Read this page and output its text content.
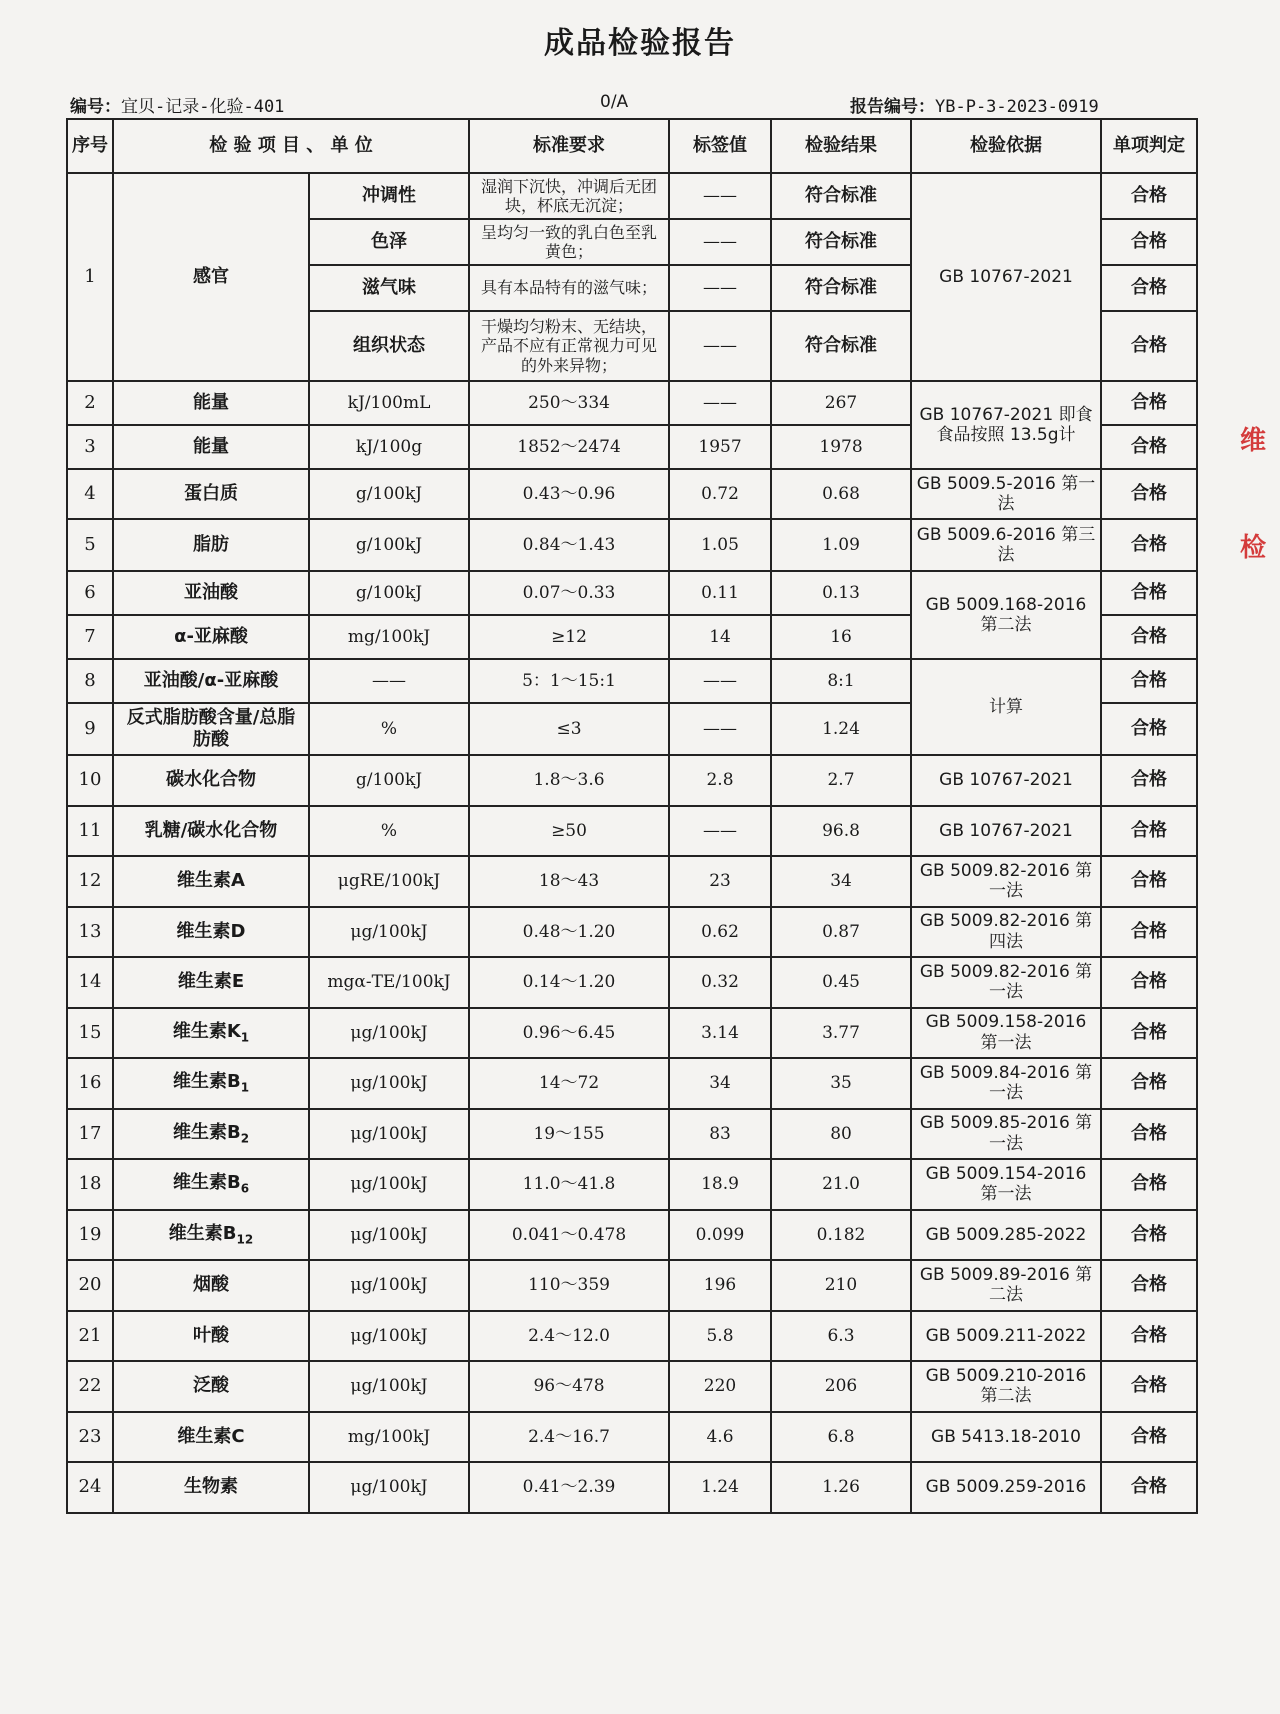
成品检验报告
编号：宜贝-记录-化验-401	0/A	报告编号：YB-P-3-2023-0919
序号	检 验 项 目 、 单 位		标准要求	标签值	检验结果	检验依据	单项判定
1	感官	冲调性	湿润下沉快，冲调后无团块，杯底无沉淀；	——	符合标准	GB 10767-2021	合格
		色泽	呈均匀一致的乳白色至乳黄色；	——	符合标准		合格
		滋气味	具有本品特有的滋气味；	——	符合标准		合格
		组织状态	干燥均匀粉末、无结块，产品不应有正常视力可见的外来异物；	——	符合标准		合格
2	能量	kJ/100mL	250～334	——	267	GB 10767-2021 即食食品按照 13.5g计	合格
3	能量	kJ/100g	1852～2474	1957	1978		合格
4	蛋白质	g/100kJ	0.43～0.96	0.72	0.68	GB 5009.5-2016 第一法	合格
5	脂肪	g/100kJ	0.84～1.43	1.05	1.09	GB 5009.6-2016 第三法	合格
6	亚油酸	g/100kJ	0.07～0.33	0.11	0.13	GB 5009.168-2016 第二法	合格
7	α-亚麻酸	mg/100kJ	≥12	14	16		合格
8	亚油酸/α-亚麻酸	——	5：1～15:1	——	8:1	计算	合格
9	反式脂肪酸含量/总脂肪酸	%	≤3	——	1.24		合格
10	碳水化合物	g/100kJ	1.8～3.6	2.8	2.7	GB 10767-2021	合格
11	乳糖/碳水化合物	%	≥50	——	96.8	GB 10767-2021	合格
12	维生素A	μgRE/100kJ	18～43	23	34	GB 5009.82-2016 第一法	合格
13	维生素D	μg/100kJ	0.48～1.20	0.62	0.87	GB 5009.82-2016 第四法	合格
14	维生素E	mgα-TE/100kJ	0.14～1.20	0.32	0.45	GB 5009.82-2016 第一法	合格
15	维生素$K_1$	μg/100kJ	0.96～6.45	3.14	3.77	GB 5009.158-2016 第一法	合格
16	维生素$B_1$	μg/100kJ	14～72	34	35	GB 5009.84-2016 第一法	合格
17	维生素$B_2$	μg/100kJ	19～155	83	80	GB 5009.85-2016 第一法	合格
18	维生素$B_6$	μg/100kJ	11.0～41.8	18.9	21.0	GB 5009.154-2016 第一法	合格
19	维生素$B_{12}$	μg/100kJ	0.041～0.478	0.099	0.182	GB 5009.285-2022	合格
20	烟酸	μg/100kJ	110～359	196	210	GB 5009.89-2016 第二法	合格
21	叶酸	μg/100kJ	2.4～12.0	5.8	6.3	GB 5009.211-2022	合格
22	泛酸	μg/100kJ	96～478	220	206	GB 5009.210-2016 第二法	合格
23	维生素C	mg/100kJ	2.4～16.7	4.6	6.8	GB 5413.18-2010	合格
24	生物素	μg/100kJ	0.41～2.39	1.24	1.26	GB 5009.259-2016	合格
维
检
